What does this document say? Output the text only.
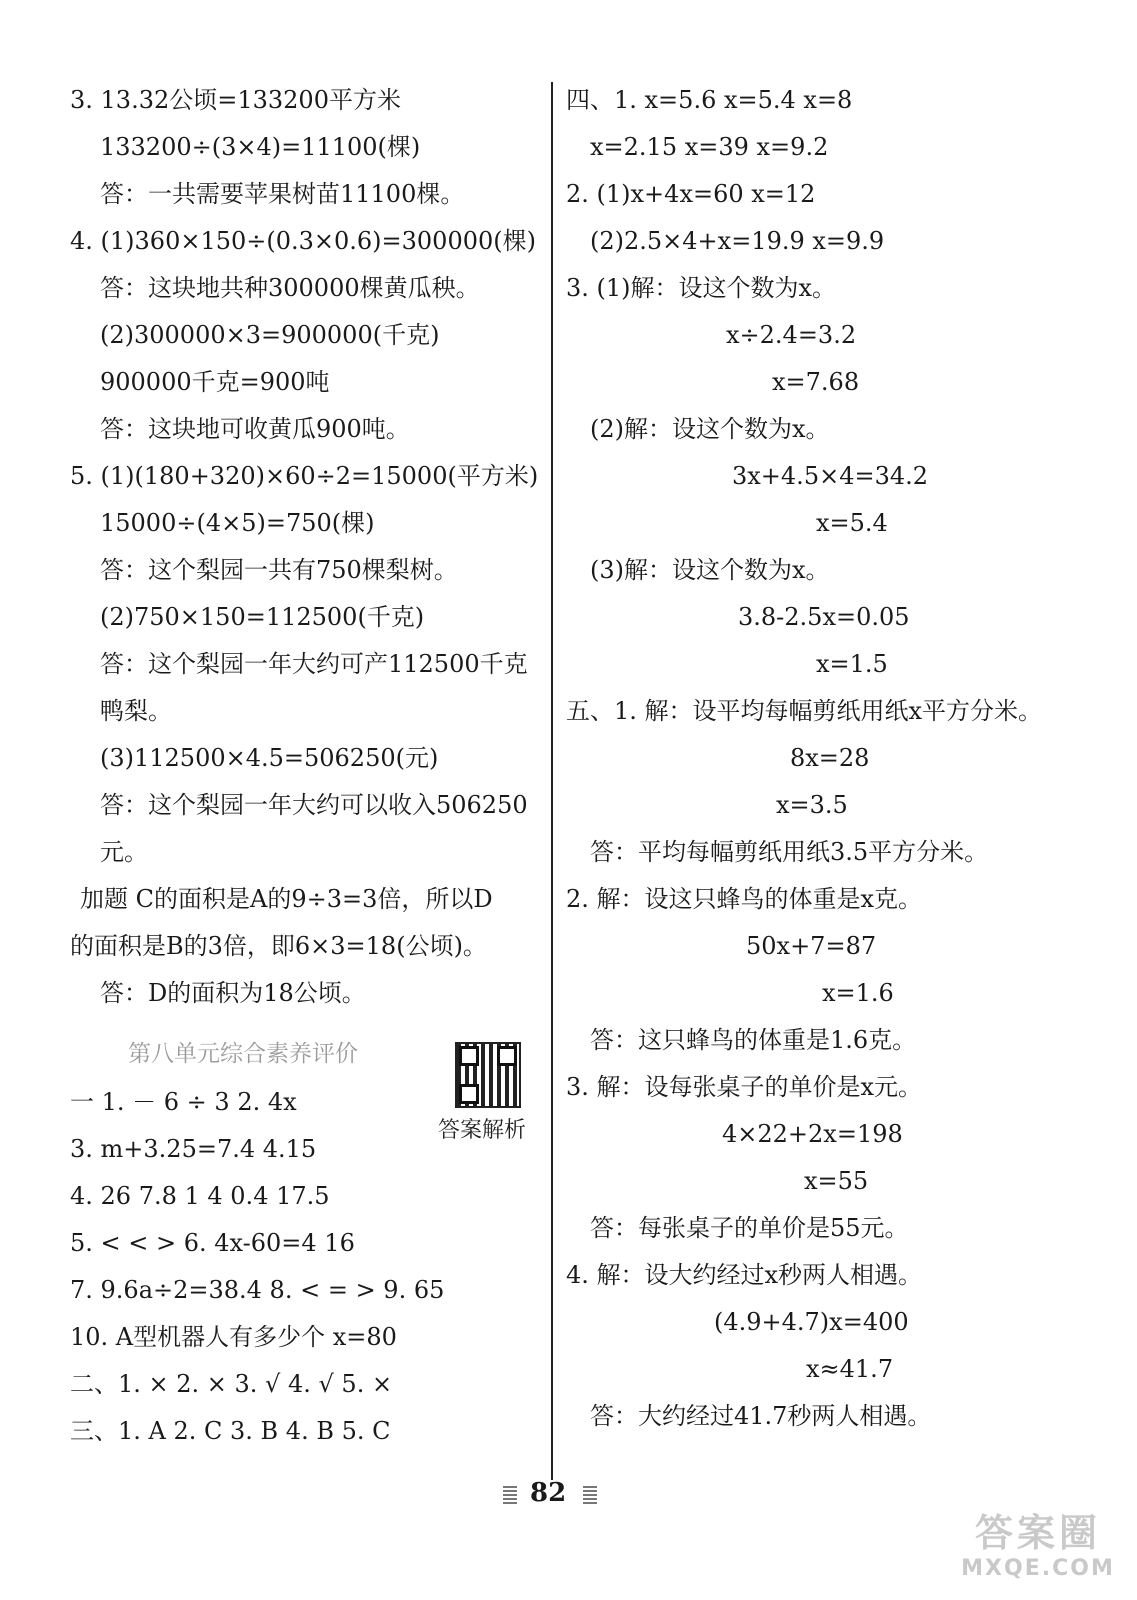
3. 13.32公顷=133200平方米
133200÷(3×4)=11100(棵)
答：一共需要苹果树苗11100棵。
4. (1)360×150÷(0.3×0.6)=300000(棵)
答：这块地共种300000棵黄瓜秧。
(2)300000×3=900000(千克)
900000千克=900吨
答：这块地可收黄瓜900吨。
5. (1)(180+320)×60÷2=15000(平方米)
15000÷(4×5)=750(棵)
答：这个梨园一共有750棵梨树。
(2)750×150=112500(千克)
答：这个梨园一年大约可产112500千克
鸭梨。
(3)112500×4.5=506250(元)
答：这个梨园一年大约可以收入506250
元。
加题 C的面积是A的9÷3=3倍，所以D
的面积是B的3倍，即6×3=18(公顷)。
答：D的面积为18公顷。
第八单元综合素养评价
答案解析
一 1. － 6 ÷ 3 2. 4x
3. m+3.25=7.4 4.15
4. 26 7.8 1 4 0.4 17.5
5. < < > 6. 4x-60=4 16
7. 9.6a÷2=38.4 8. < = > 9. 65
10. A型机器人有多少个 x=80
二、1. × 2. × 3. √ 4. √ 5. ×
三、1. A 2. C 3. B 4. B 5. C
四、1. x=5.6 x=5.4 x=8
x=2.15 x=39 x=9.2
2. (1)x+4x=60 x=12
(2)2.5×4+x=19.9 x=9.9
3. (1)解：设这个数为x。
x÷2.4=3.2
x=7.68
(2)解：设这个数为x。
3x+4.5×4=34.2
x=5.4
(3)解：设这个数为x。
3.8-2.5x=0.05
x=1.5
五、1. 解：设平均每幅剪纸用纸x平方分米。
8x=28
x=3.5
答：平均每幅剪纸用纸3.5平方分米。
2. 解：设这只蜂鸟的体重是x克。
50x+7=87
x=1.6
答：这只蜂鸟的体重是1.6克。
3. 解：设每张桌子的单价是x元。
4×22+2x=198
x=55
答：每张桌子的单价是55元。
4. 解：设大约经过x秒两人相遇。
(4.9+4.7)x=400
x≈41.7
答：大约经过41.7秒两人相遇。
82
答案圈
MXQE.COM
